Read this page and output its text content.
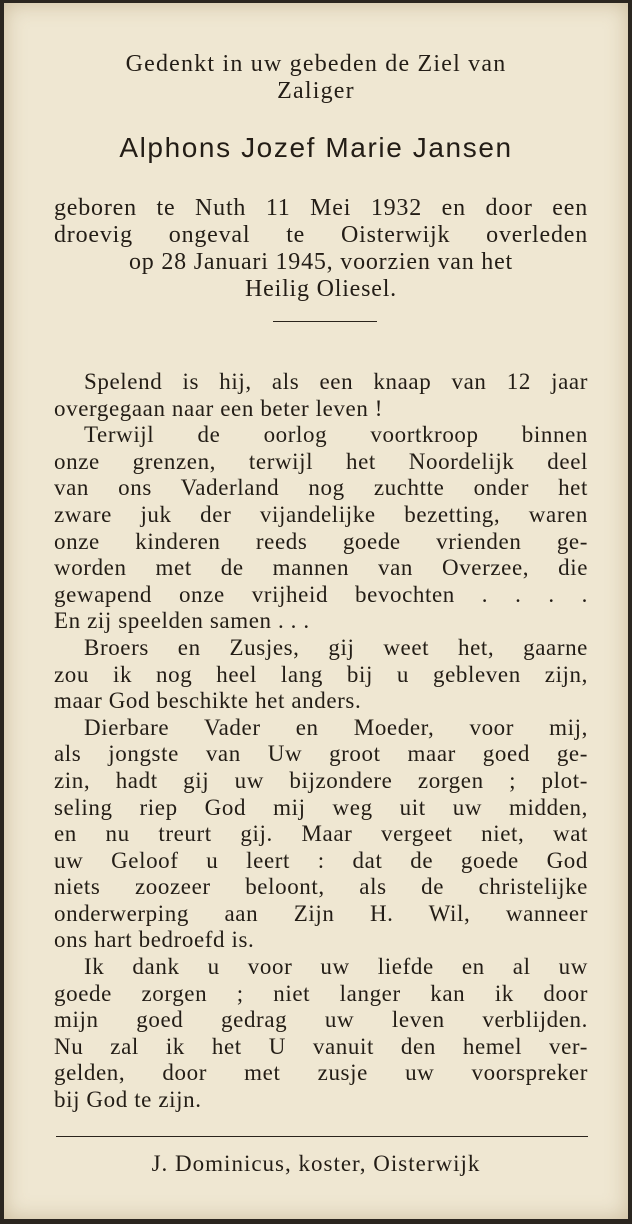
Gedenkt in uw gebeden de Ziel van
Zaliger
Alphons Jozef Marie Jansen
geboren te Nuth 11 Mei 1932 en door een
droevig ongeval te Oisterwijk overleden
op 28 Januari 1945, voorzien van het
Heilig Oliesel.
Spelend is hij, als een knaap van 12 jaar
overgegaan naar een beter leven !
Terwijl de oorlog voortkroop binnen
onze grenzen, terwijl het Noordelijk deel
van ons Vaderland nog zuchtte onder het
zware juk der vijandelijke bezetting, waren
onze kinderen reeds goede vrienden ge-
worden met de mannen van Overzee, die
gewapend onze vrijheid bevochten . . . .
En zij speelden samen . . .
Broers en Zusjes, gij weet het, gaarne
zou ik nog heel lang bij u gebleven zijn,
maar God beschikte het anders.
Dierbare Vader en Moeder, voor mij,
als jongste van Uw groot maar goed ge-
zin, hadt gij uw bijzondere zorgen ; plot-
seling riep God mij weg uit uw midden,
en nu treurt gij. Maar vergeet niet, wat
uw Geloof u leert : dat de goede God
niets zoozeer beloont, als de christelijke
onderwerping aan Zijn H. Wil, wanneer
ons hart bedroefd is.
Ik dank u voor uw liefde en al uw
goede zorgen ; niet langer kan ik door
mijn goed gedrag uw leven verblijden.
Nu zal ik het U vanuit den hemel ver-
gelden, door met zusje uw voorspreker
bij God te zijn.
J. Dominicus, koster, Oisterwijk
